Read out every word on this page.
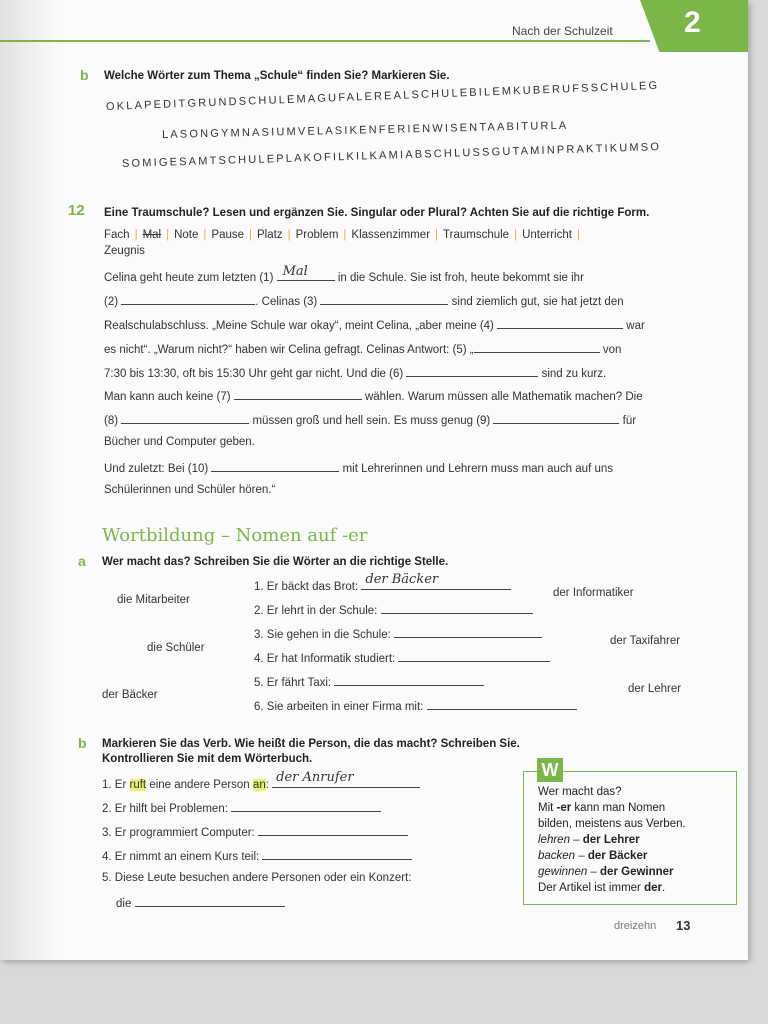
Nach der Schulzeit 2
b Welche Wörter zum Thema „Schule“ finden Sie? Markieren Sie.
OKLAPEDITGRUNDSCHULEMAGUFALEREALSCHULEBILEMKUBERUFSSCHULEG
LASONGYMNASIUMVELASIKENFERIENWISENTAABITURLA
SOMIGESAMTSCHULEPLAKOFILKILKAMIABSCHLUSSGUTAMINPRAKTIKUMSO
12 Eine Traumschule? Lesen und ergänzen Sie. Singular oder Plural? Achten Sie auf die richtige Form.
Fach | Mal | Note | Pause | Platz | Problem | Klassenzimmer | Traumschule | Unterricht |
Zeugnis
Celina geht heute zum letzten (1) Mal	in die Schule. Sie ist froh, heute bekommt sie ihr
(2)	. Celinas (3)	sind ziemlich gut, sie hat jetzt den
Realschulabschluss. „Meine Schule war okay“, meint Celina, „aber meine (4)	war
es nicht“. „Warum nicht?“ haben wir Celina gefragt. Celinas Antwort: (5) „	von
7:30 bis 13:30, oft bis 15:30 Uhr geht gar nicht. Und die (6)	sind zu kurz.
Man kann auch keine (7)	wählen. Warum müssen alle Mathematik machen? Die
(8)	müssen groß und hell sein. Es muss genug (9)	für
Bücher und Computer geben.
Und zuletzt: Bei (10)	mit Lehrerinnen und Lehrern muss man auch auf uns
Schülerinnen und Schüler hören.“
Wortbildung – Nomen auf -er
a Wer macht das? Schreiben Sie die Wörter an die richtige Stelle.
die Mitarbeiter
die Schüler
der Bäcker
der Informatiker
der Taxifahrer
der Lehrer
1. Er bäckt das Brot: der Bäcker
2. Er lehrt in der Schule:
3. Sie gehen in die Schule:
4. Er hat Informatik studiert:
5. Er fährt Taxi:
6. Sie arbeiten in einer Firma mit:
b Markieren Sie das Verb. Wie heißt die Person, die das macht? Schreiben Sie.
Kontrollieren Sie mit dem Wörterbuch.
1. Er ruft eine andere Person an: der Anrufer
2. Er hilft bei Problemen:
3. Er programmiert Computer:
4. Er nimmt an einem Kurs teil:
5. Diese Leute besuchen andere Personen oder ein Konzert:
die
W
Wer macht das?
Mit -er kann man Nomen
bilden, meistens aus Verben.
lehren – der Lehrer
backen – der Bäcker
gewinnen – der Gewinner
Der Artikel ist immer der.
dreizehn 13
